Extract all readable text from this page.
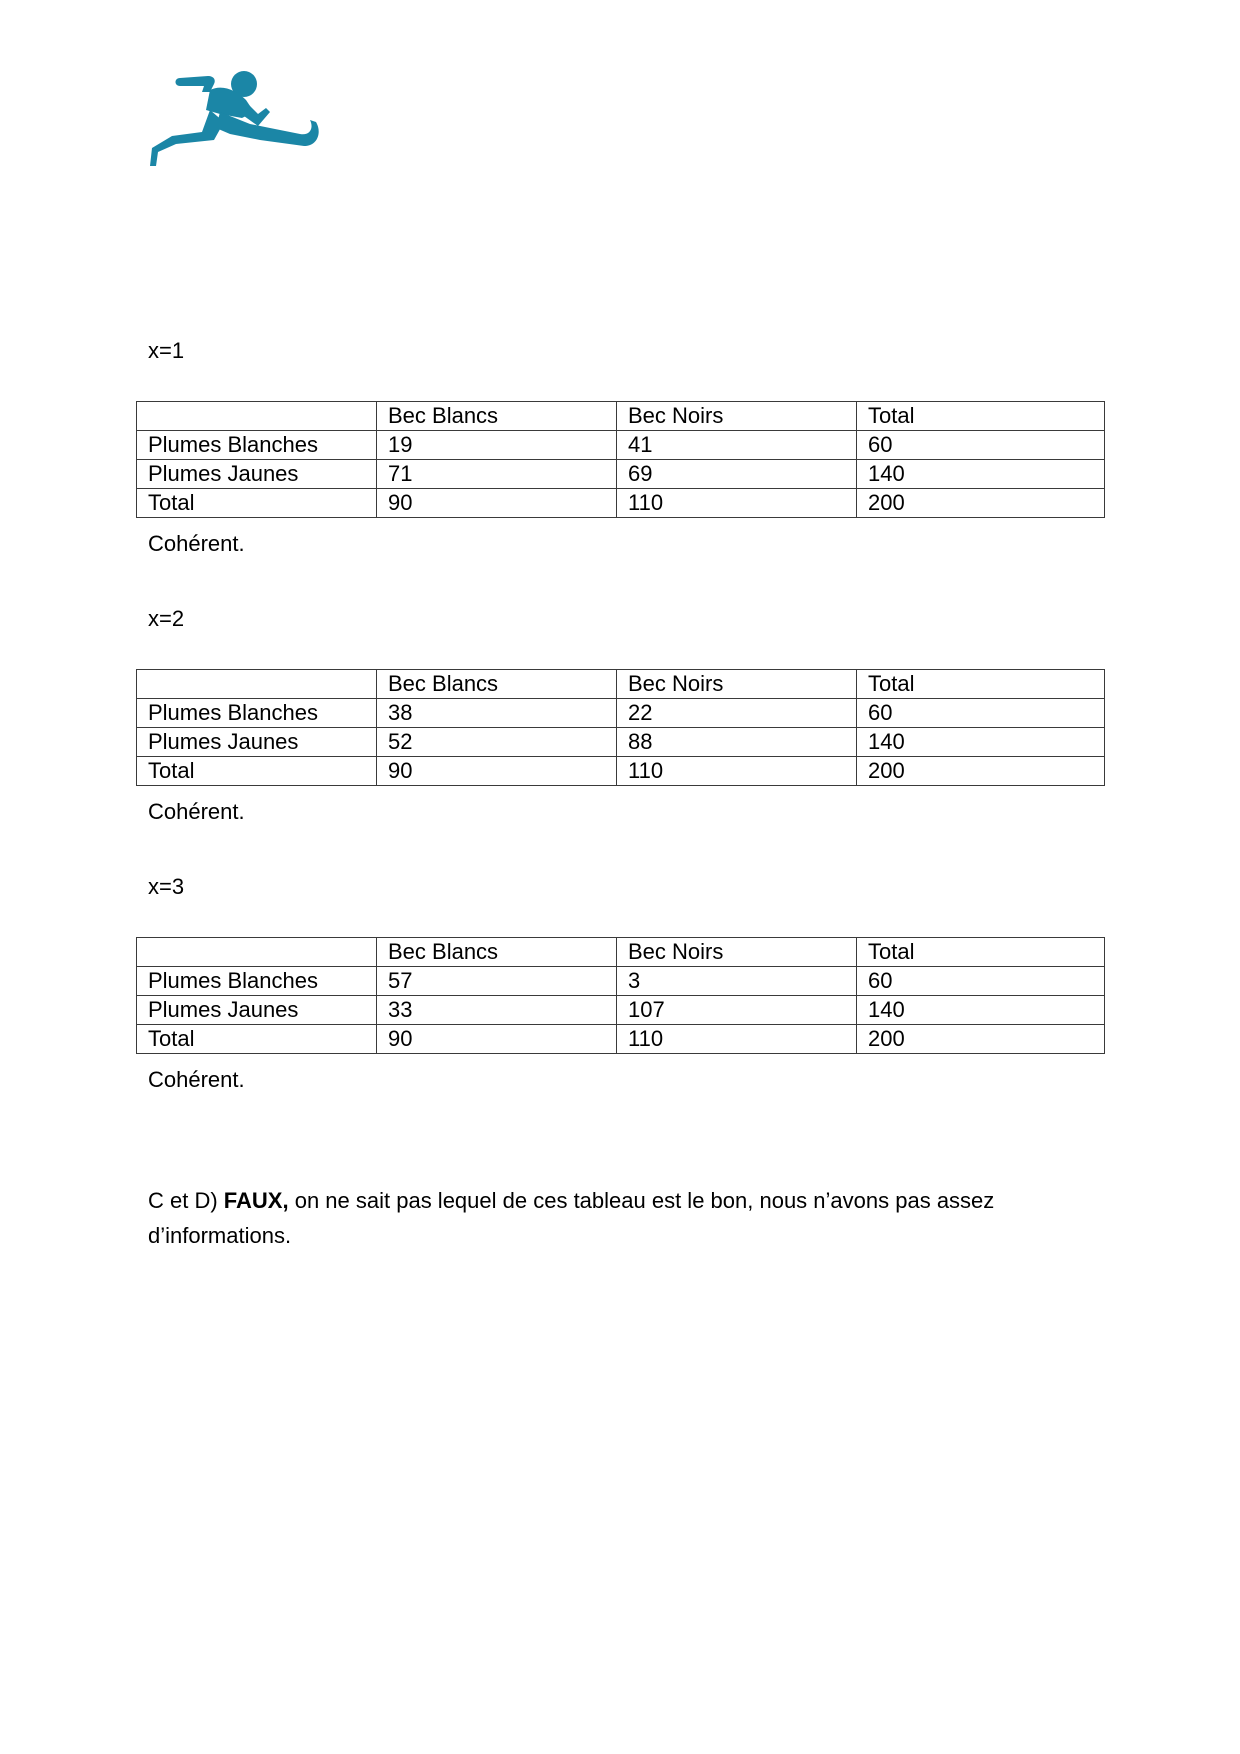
x=1
	Bec Blancs	Bec Noirs	Total
Plumes Blanches	19	41	60
Plumes Jaunes	71	69	140
Total	90	110	200
Cohérent.
x=2
	Bec Blancs	Bec Noirs	Total
Plumes Blanches	38	22	60
Plumes Jaunes	52	88	140
Total	90	110	200
Cohérent.
x=3
	Bec Blancs	Bec Noirs	Total
Plumes Blanches	57	3	60
Plumes Jaunes	33	107	140
Total	90	110	200
Cohérent.
C et D) FAUX, on ne sait pas lequel de ces tableau est le bon, nous n’avons pas assez d’informations.
